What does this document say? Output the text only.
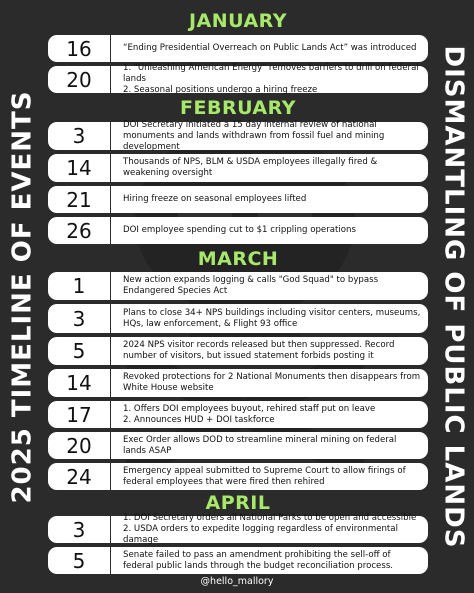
2025 TIMELINE OF EVENTS	DISMANTLING OF PUBLIC LANDS
JANUARY
16	“Ending Presidential Overreach on Public Lands Act” was introduced
20	1. "Unleashing American Energy" removes barriers to drill on federal lands
2. Seasonal positions undergo a hiring freeze
FEBRUARY
3	DOI Secretary initiated a 15 day internal review of national monuments and lands withdrawn from fossil fuel and mining development
14	Thousands of NPS, BLM & USDA employees illegally fired & weakening oversight
21	Hiring freeze on seasonal employees lifted
26	DOI employee spending cut to $1 crippling operations
MARCH
1	New action expands logging & calls "God Squad" to bypass Endangered Species Act
3	Plans to close 34+ NPS buildings including visitor centers, museums, HQs, law enforcement, & Flight 93 office
5	2024 NPS visitor records released but then suppressed. Record number of visitors, but issued statement forbids posting it
14	Revoked protections for 2 National Monuments then disappears from White House website
17	1. Offers DOI employees buyout, rehired staff put on leave
2. Announces HUD + DOI taskforce
20	Exec Order allows DOD to streamline mineral mining on federal lands ASAP
24	Emergency appeal submitted to Supreme Court to allow firings of federal employees that were fired then rehired
APRIL
3	1. DOI Secretary orders all National Parks to be open and accessible
2. USDA orders to expedite logging regardless of environmental damage
5	Senate failed to pass an amendment prohibiting the sell-off of federal public lands through the budget reconciliation process.
@hello_mallory
